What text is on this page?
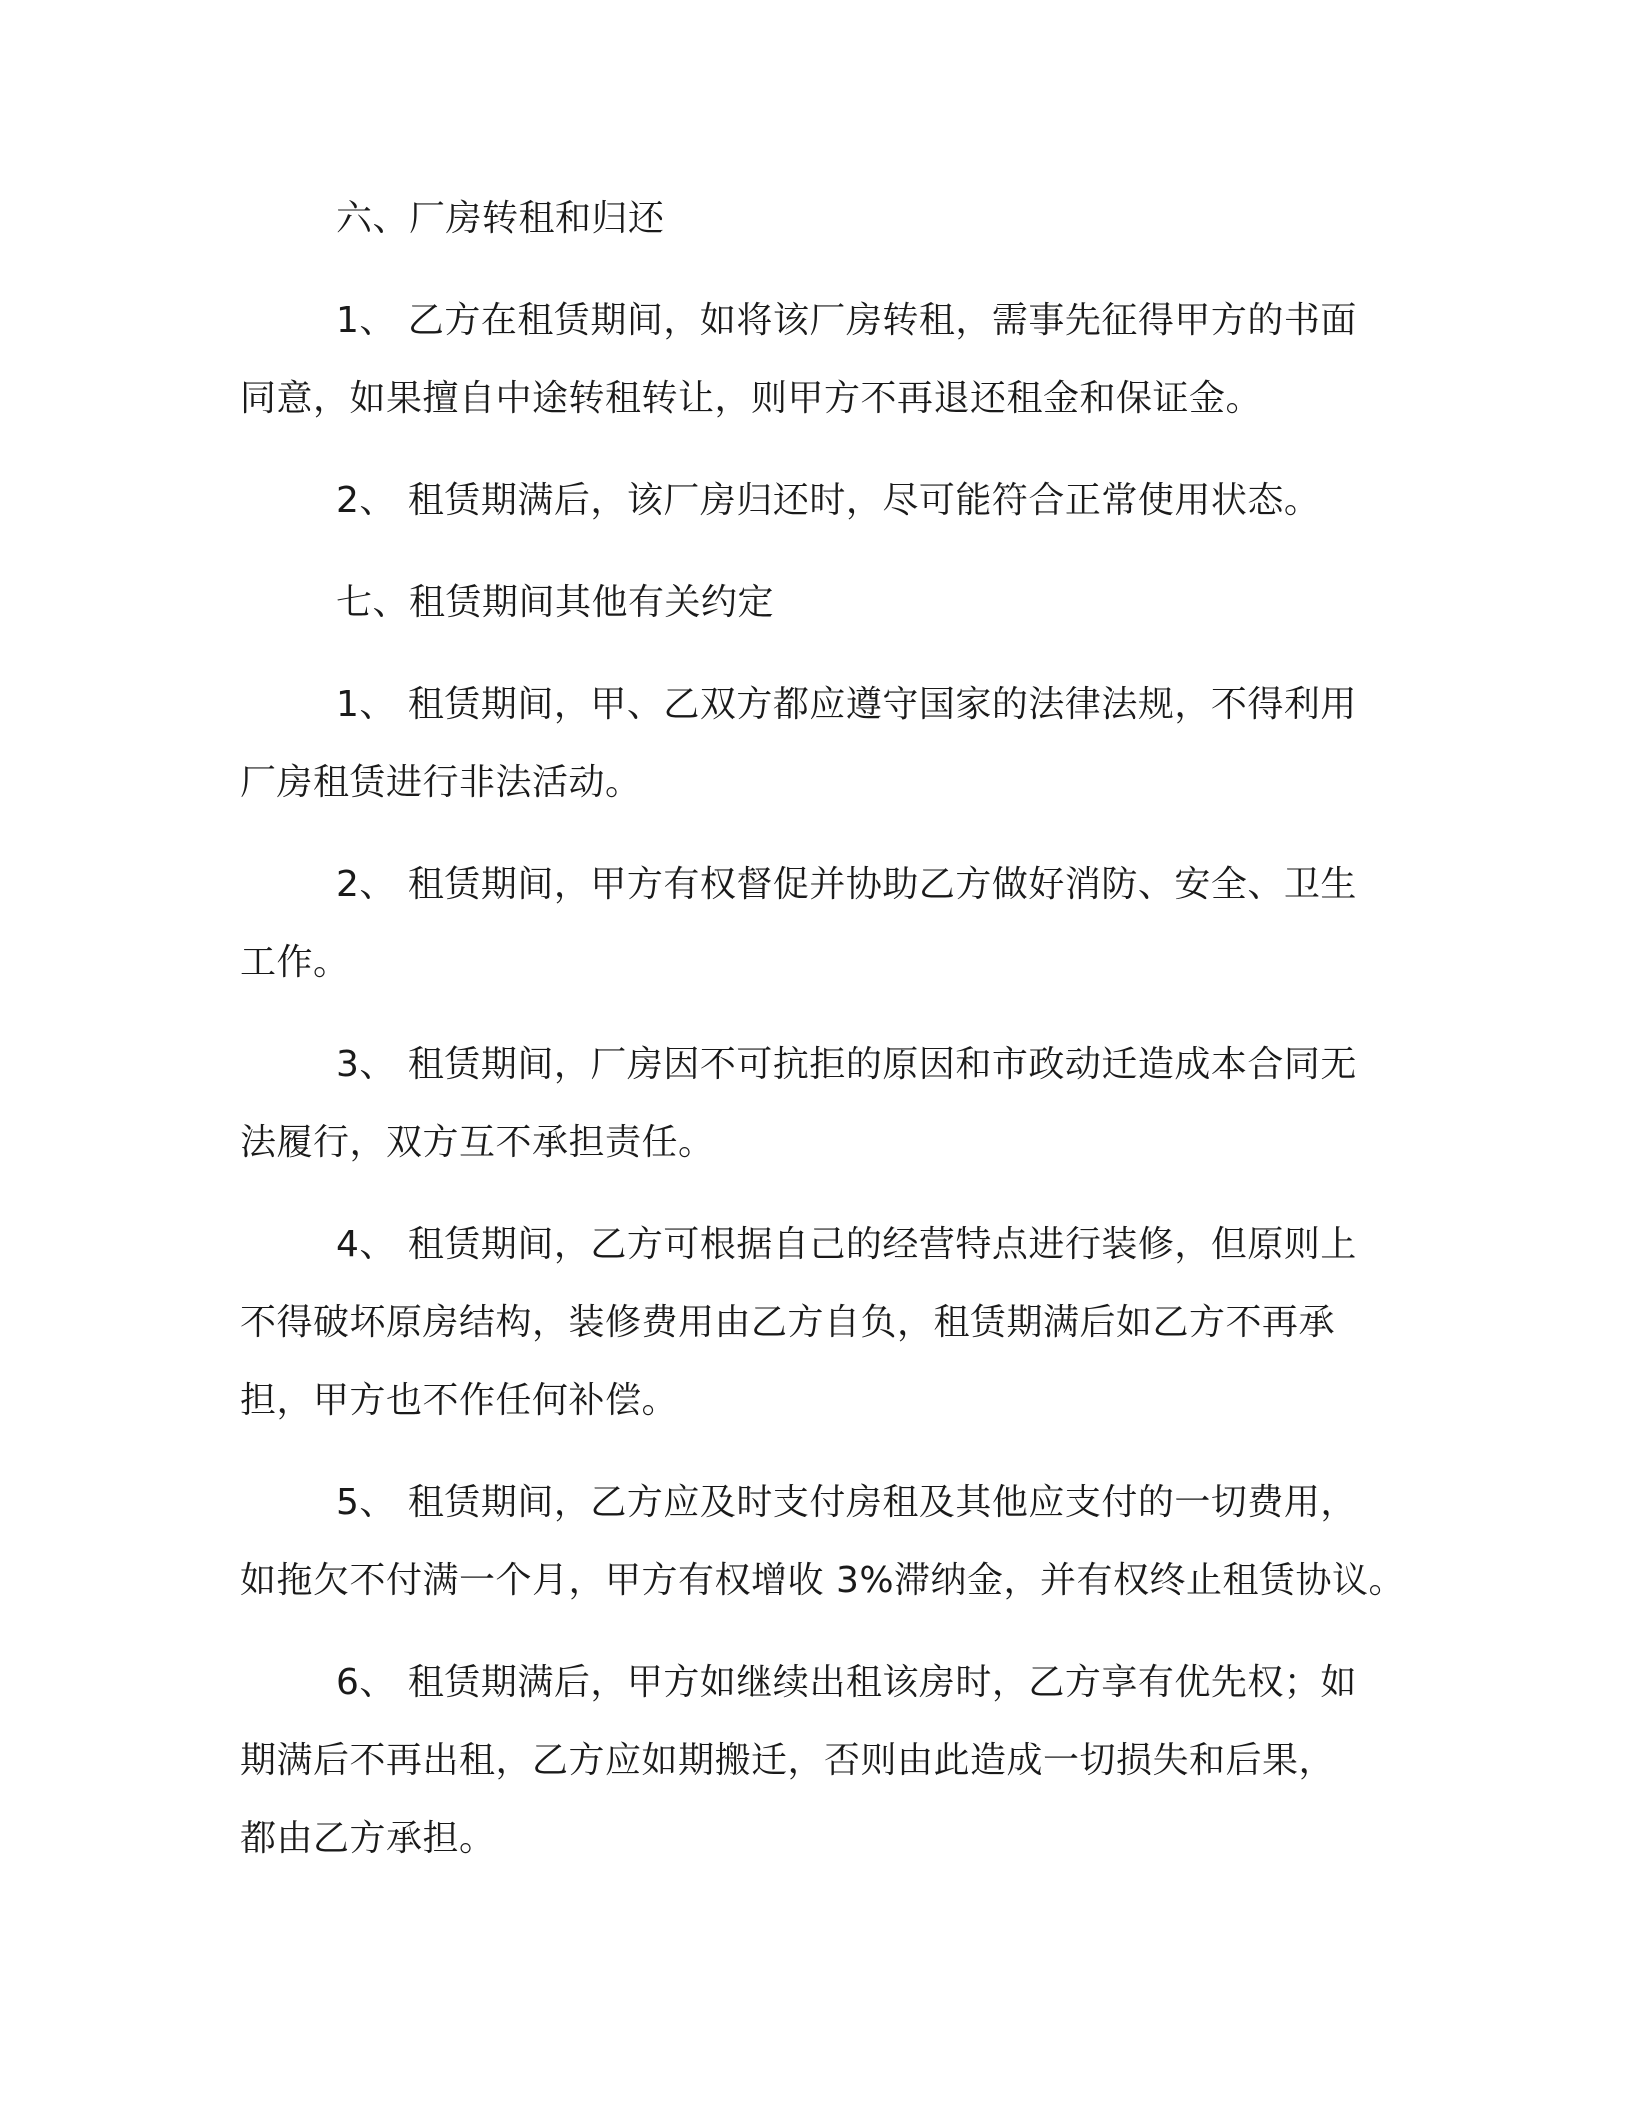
六、厂房转租和归还
1、 乙方在租赁期间，如将该厂房转租，需事先征得甲方的书面
同意，如果擅自中途转租转让，则甲方不再退还租金和保证金。
2、 租赁期满后，该厂房归还时，尽可能符合正常使用状态。
七、租赁期间其他有关约定
1、 租赁期间，甲、乙双方都应遵守国家的法律法规，不得利用
厂房租赁进行非法活动。
2、 租赁期间，甲方有权督促并协助乙方做好消防、安全、卫生
工作。
3、 租赁期间，厂房因不可抗拒的原因和市政动迁造成本合同无
法履行，双方互不承担责任。
4、 租赁期间，乙方可根据自己的经营特点进行装修，但原则上
不得破坏原房结构，装修费用由乙方自负，租赁期满后如乙方不再承
担，甲方也不作任何补偿。
5、 租赁期间，乙方应及时支付房租及其他应支付的一切费用，
如拖欠不付满一个月，甲方有权增收 3%滞纳金，并有权终止租赁协议。
6、 租赁期满后，甲方如继续出租该房时，乙方享有优先权；如
期满后不再出租，乙方应如期搬迁，否则由此造成一切损失和后果，
都由乙方承担。
